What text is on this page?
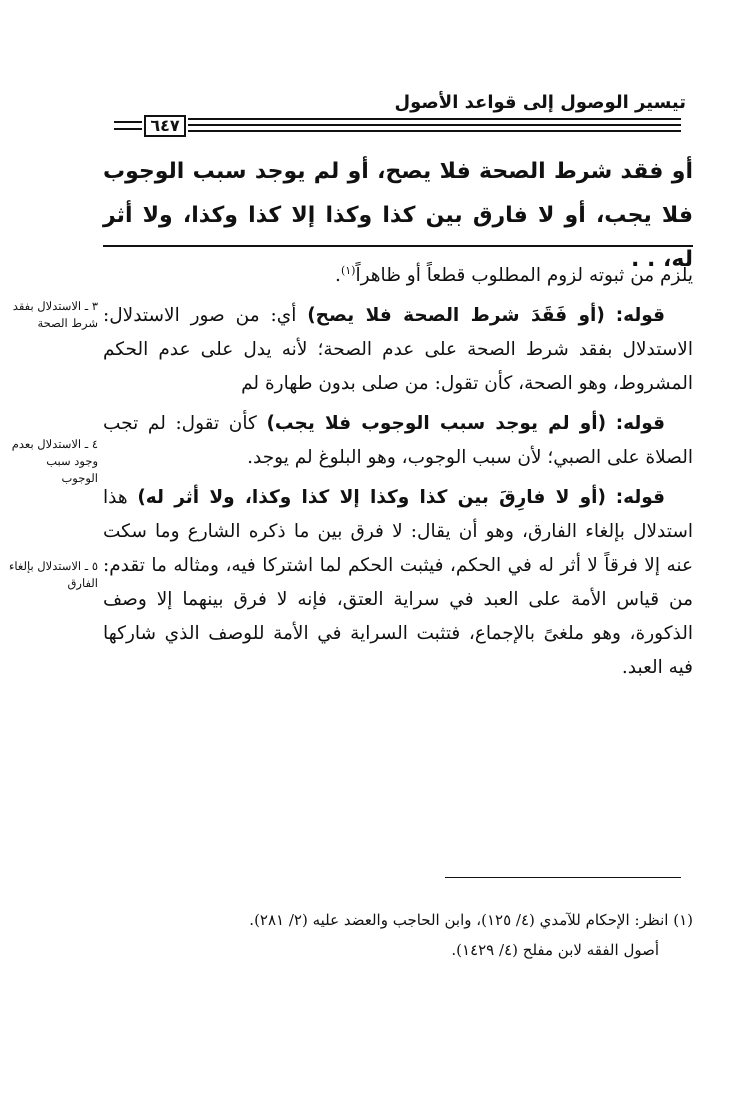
تيسير الوصول إلى قواعد الأصول
٦٤٧
أو فقد شرط الصحة فلا يصح، أو لم يوجد سبب الوجوب فلا يجب، أو لا فارق بين كذا وكذا إلا كذا وكذا، ولا أثر له، . .

يلزم من ثبوته لزوم المطلوب قطعاً أو ظاهراً$^{(١)}$.

قوله: (أو فَقَدَ شرط الصحة فلا يصح) أي: من صور الاستدلال: الاستدلال بفقد شرط الصحة على عدم الصحة؛ لأنه يدل على عدم الحكم المشروط، وهو الصحة، كأن تقول: من صلى بدون طهارة لم

قوله: (أو لم يوجد سبب الوجوب فلا يجب) كأن تقول: لم تجب الصلاة على الصبي؛ لأن سبب الوجوب، وهو البلوغ لم يوجد.

قوله: (أو لا فارِقَ بين كذا وكذا إلا كذا وكذا، ولا أثر له) هذا استدلال بإلغاء الفارق، وهو أن يقال: لا فرق بين ما ذكره الشارع وما سكت عنه إلا فرقاً لا أثر له في الحكم، فيثبت الحكم لما اشتركا فيه، ومثاله ما تقدم: من قياس الأمة على العبد في سراية العتق، فإنه لا فرق بينهما إلا وصف الذكورة، وهو ملغىً بالإجماع، فتثبت السراية في الأمة للوصف الذي شاركها فيه العبد.

٣ ـ الاستدلال بفقد شرط الصحة
٤ ـ الاستدلال بعدم وجود سبب الوجوب
٥ ـ الاستدلال بإلغاء الفارق
(١) انظر: الإحكام للآمدي (٤/ ١٢٥)، وابن الحاجب والعضد عليه (٢/ ٢٨١).
أصول الفقه لابن مفلح (٤/ ١٤٢٩).
